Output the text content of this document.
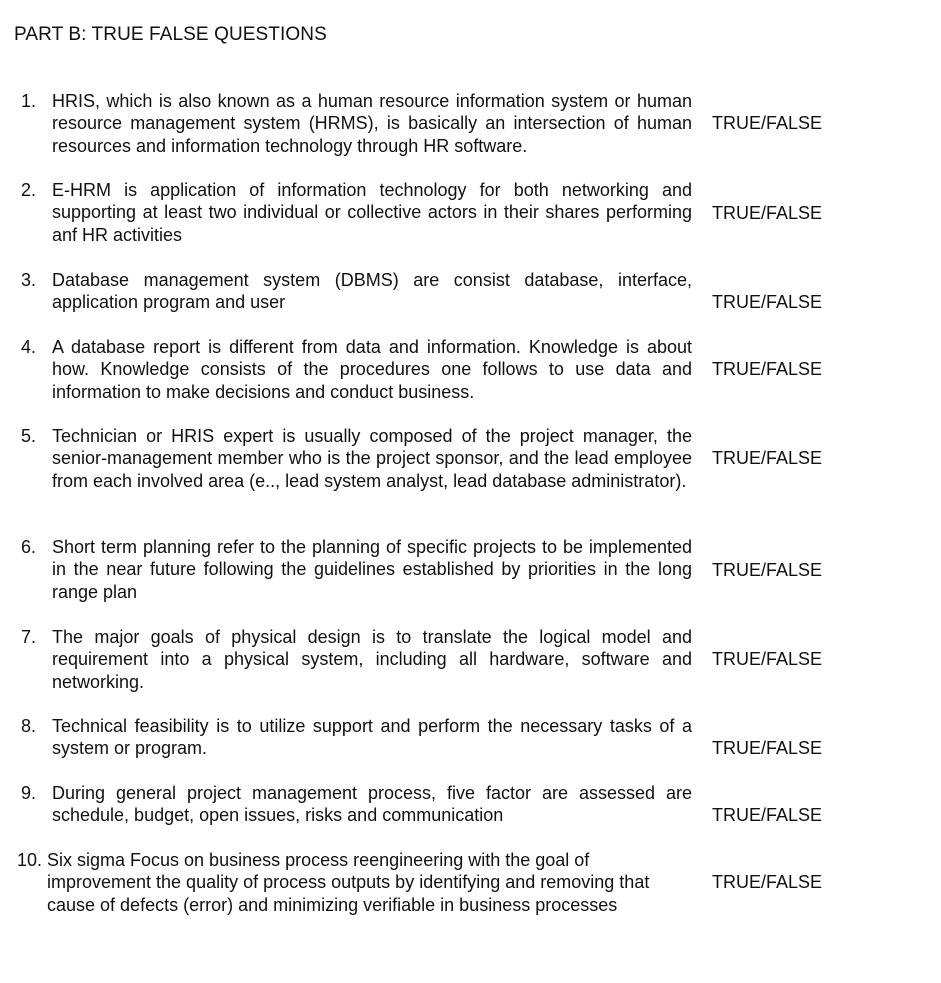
PART B: TRUE FALSE QUESTIONS
1. HRIS, which is also known as a human resource information system or human resource management system (HRMS), is basically an intersection of human resources and information technology through HR software.
TRUE/FALSE
2. E-HRM is application of information technology for both networking and supporting at least two individual or collective actors in their shares performing anf HR activities
TRUE/FALSE
3. Database management system (DBMS) are consist database, interface, application program and user	TRUE/FALSE
4. A database report is different from data and information. Knowledge is about how. Knowledge consists of the procedures one follows to use data and information to make decisions and conduct business.
TRUE/FALSE
5. Technician or HRIS expert is usually composed of the project manager, the senior-management member who is the project sponsor, and the lead employee from each involved area (e.., lead system analyst, lead database administrator).
TRUE/FALSE
6. Short term planning refer to the planning of specific projects to be implemented in the near future following the guidelines established by priorities in the long range plan
TRUE/FALSE
7. The major goals of physical design is to translate the logical model and requirement into a physical system, including all hardware, software and networking.
TRUE/FALSE
8. Technical feasibility is to utilize support and perform the necessary tasks of a system or program.	TRUE/FALSE
9. During general project management process, five factor are assessed are schedule, budget, open issues, risks and communication	TRUE/FALSE
10. Six sigma Focus on business process reengineering with the goal of improvement the quality of process outputs by identifying and removing that cause of defects (error) and minimizing verifiable in business processes
TRUE/FALSE
